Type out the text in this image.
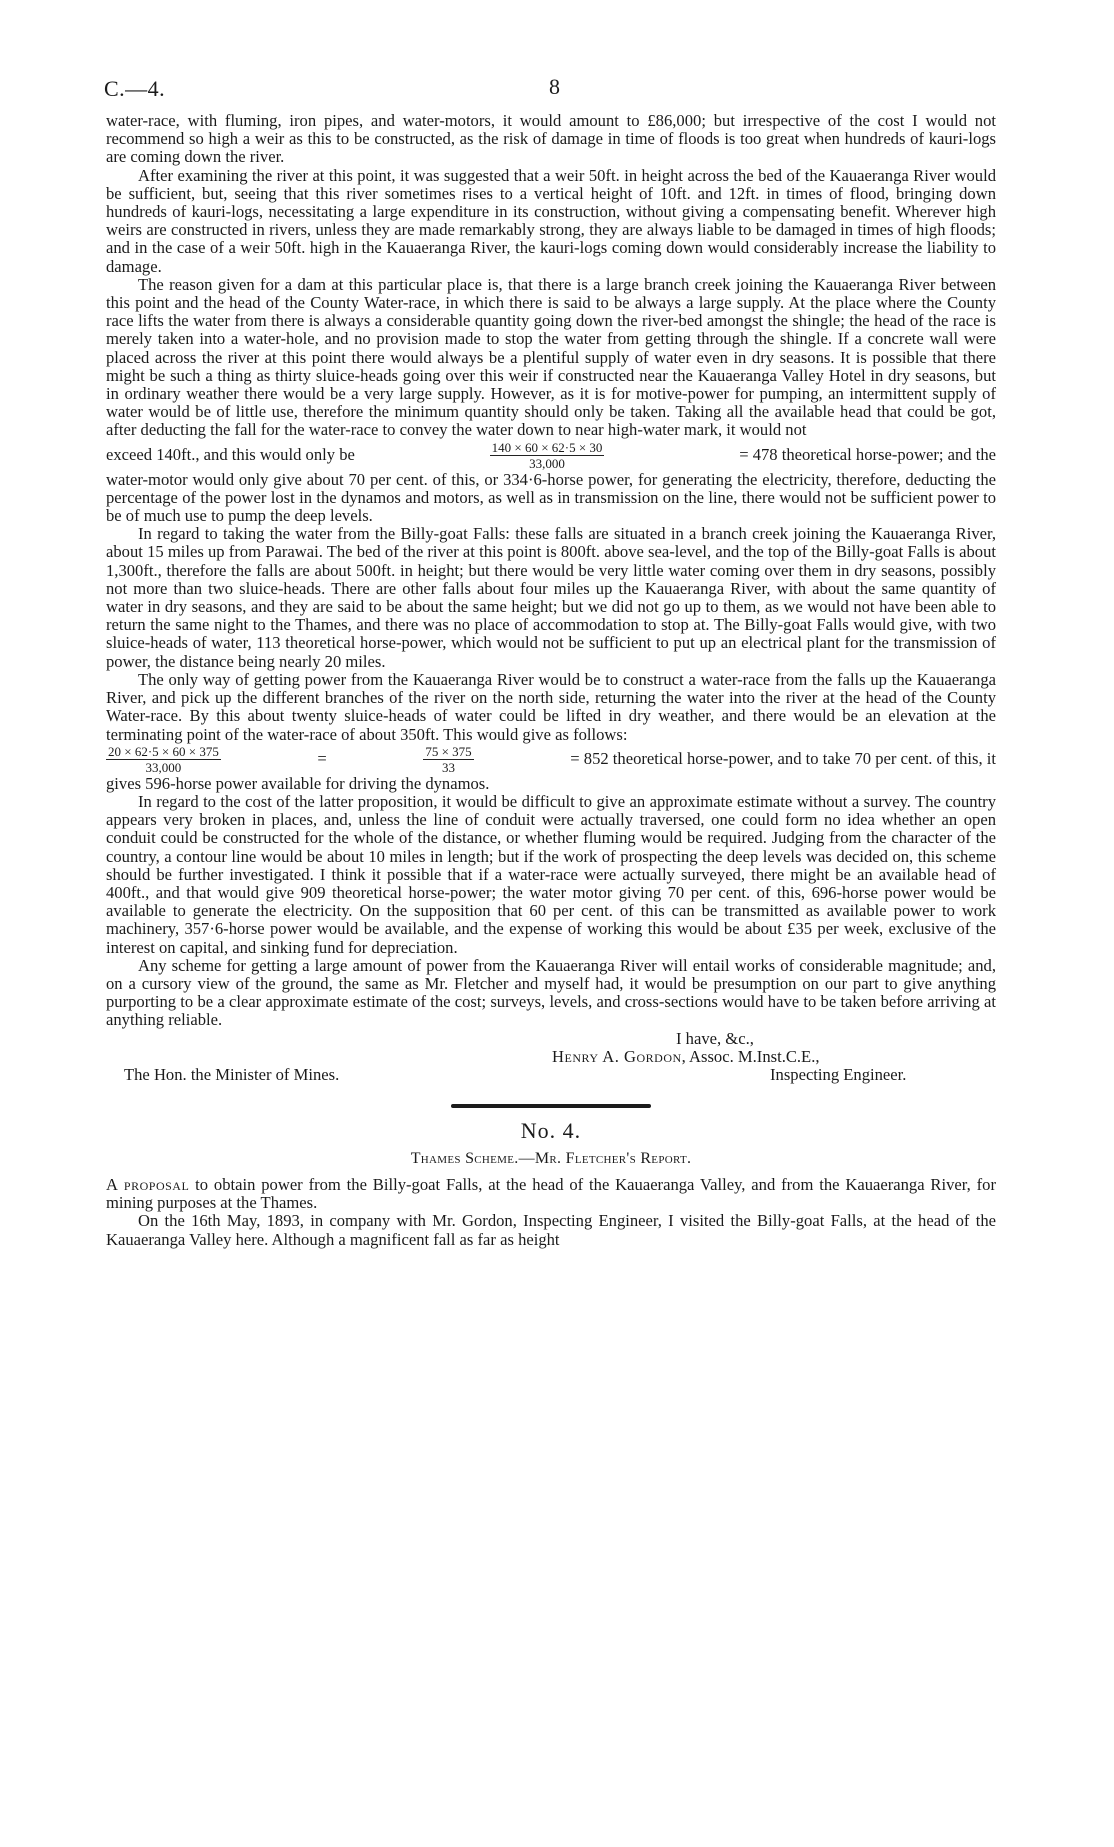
C.—4.	8

water-race, with fluming, iron pipes, and water-motors, it would amount to £86,000; but irrespective of the cost I would not recommend so high a weir as this to be constructed, as the risk of damage in time of floods is too great when hundreds of kauri-logs are coming down the river.

After examining the river at this point, it was suggested that a weir 50ft. in height across the bed of the Kauaeranga River would be sufficient, but, seeing that this river sometimes rises to a vertical height of 10ft. and 12ft. in times of flood, bringing down hundreds of kauri-logs, necessitating a large expenditure in its construction, without giving a compensating benefit. Wherever high weirs are constructed in rivers, unless they are made remarkably strong, they are always liable to be damaged in times of high floods; and in the case of a weir 50ft. high in the Kauaeranga River, the kauri-logs coming down would considerably increase the liability to damage.

The reason given for a dam at this particular place is, that there is a large branch creek joining the Kauaeranga River between this point and the head of the County Water-race, in which there is said to be always a large supply. At the place where the County race lifts the water from there is always a considerable quantity going down the river-bed amongst the shingle; the head of the race is merely taken into a water-hole, and no provision made to stop the water from getting through the shingle. If a concrete wall were placed across the river at this point there would always be a plentiful supply of water even in dry seasons. It is possible that there might be such a thing as thirty sluice-heads going over this weir if constructed near the Kauaeranga Valley Hotel in dry seasons, but in ordinary weather there would be a very large supply. However, as it is for motive-power for pumping, an intermittent supply of water would be of little use, therefore the minimum quantity should only be taken. Taking all the available head that could be got, after deducting the fall for the water-race to convey the water down to near high-water mark, it would not

exceed 140ft., and this would only be	$\frac{140 \times 60 \times 62\cdot 5 \times 30}{33,000}$	= 478 theoretical horse-power; and the

water-motor would only give about 70 per cent. of this, or 334·6-horse power, for generating the electricity, therefore, deducting the percentage of the power lost in the dynamos and motors, as well as in transmission on the line, there would not be sufficient power to be of much use to pump the deep levels.

In regard to taking the water from the Billy-goat Falls: these falls are situated in a branch creek joining the Kauaeranga River, about 15 miles up from Parawai. The bed of the river at this point is 800ft. above sea-level, and the top of the Billy-goat Falls is about 1,300ft., therefore the falls are about 500ft. in height; but there would be very little water coming over them in dry seasons, possibly not more than two sluice-heads. There are other falls about four miles up the Kauaeranga River, with about the same quantity of water in dry seasons, and they are said to be about the same height; but we did not go up to them, as we would not have been able to return the same night to the Thames, and there was no place of accommodation to stop at. The Billy-goat Falls would give, with two sluice-heads of water, 113 theoretical horse-power, which would not be sufficient to put up an electrical plant for the transmission of power, the distance being nearly 20 miles.

The only way of getting power from the Kauaeranga River would be to construct a water-race from the falls up the Kauaeranga River, and pick up the different branches of the river on the north side, returning the water into the river at the head of the County Water-race. By this about twenty sluice-heads of water could be lifted in dry weather, and there would be an elevation at the terminating point of the water-race of about 350ft. This would give as follows:

$\frac{20 \times 62\cdot 5 \times 60 \times 375}{33,000}$	=	$\frac{75 \times 375}{33}$	= 852 theoretical horse-power, and to take 70 per cent. of this, it

gives 596-horse power available for driving the dynamos.

In regard to the cost of the latter proposition, it would be difficult to give an approximate estimate without a survey. The country appears very broken in places, and, unless the line of conduit were actually traversed, one could form no idea whether an open conduit could be constructed for the whole of the distance, or whether fluming would be required. Judging from the character of the country, a contour line would be about 10 miles in length; but if the work of prospecting the deep levels was decided on, this scheme should be further investigated. I think it possible that if a water-race were actually surveyed, there might be an available head of 400ft., and that would give 909 theoretical horse-power; the water motor giving 70 per cent. of this, 696-horse power would be available to generate the electricity. On the supposition that 60 per cent. of this can be transmitted as available power to work machinery, 357·6-horse power would be available, and the expense of working this would be about £35 per week, exclusive of the interest on capital, and sinking fund for depreciation.

Any scheme for getting a large amount of power from the Kauaeranga River will entail works of considerable magnitude; and, on a cursory view of the ground, the same as Mr. Fletcher and myself had, it would be presumption on our part to give anything purporting to be a clear approximate estimate of the cost; surveys, levels, and cross-sections would have to be taken before arriving at anything reliable.

I have, &c.,
Henry A. Gordon, Assoc. M.Inst.C.E.,
The Hon. the Minister of Mines.	Inspecting Engineer.
No. 4.
Thames Scheme.—Mr. Fletcher's Report.

A proposal to obtain power from the Billy-goat Falls, at the head of the Kauaeranga Valley, and from the Kauaeranga River, for mining purposes at the Thames.

On the 16th May, 1893, in company with Mr. Gordon, Inspecting Engineer, I visited the Billy-goat Falls, at the head of the Kauaeranga Valley here. Although a magnificent fall as far as height
